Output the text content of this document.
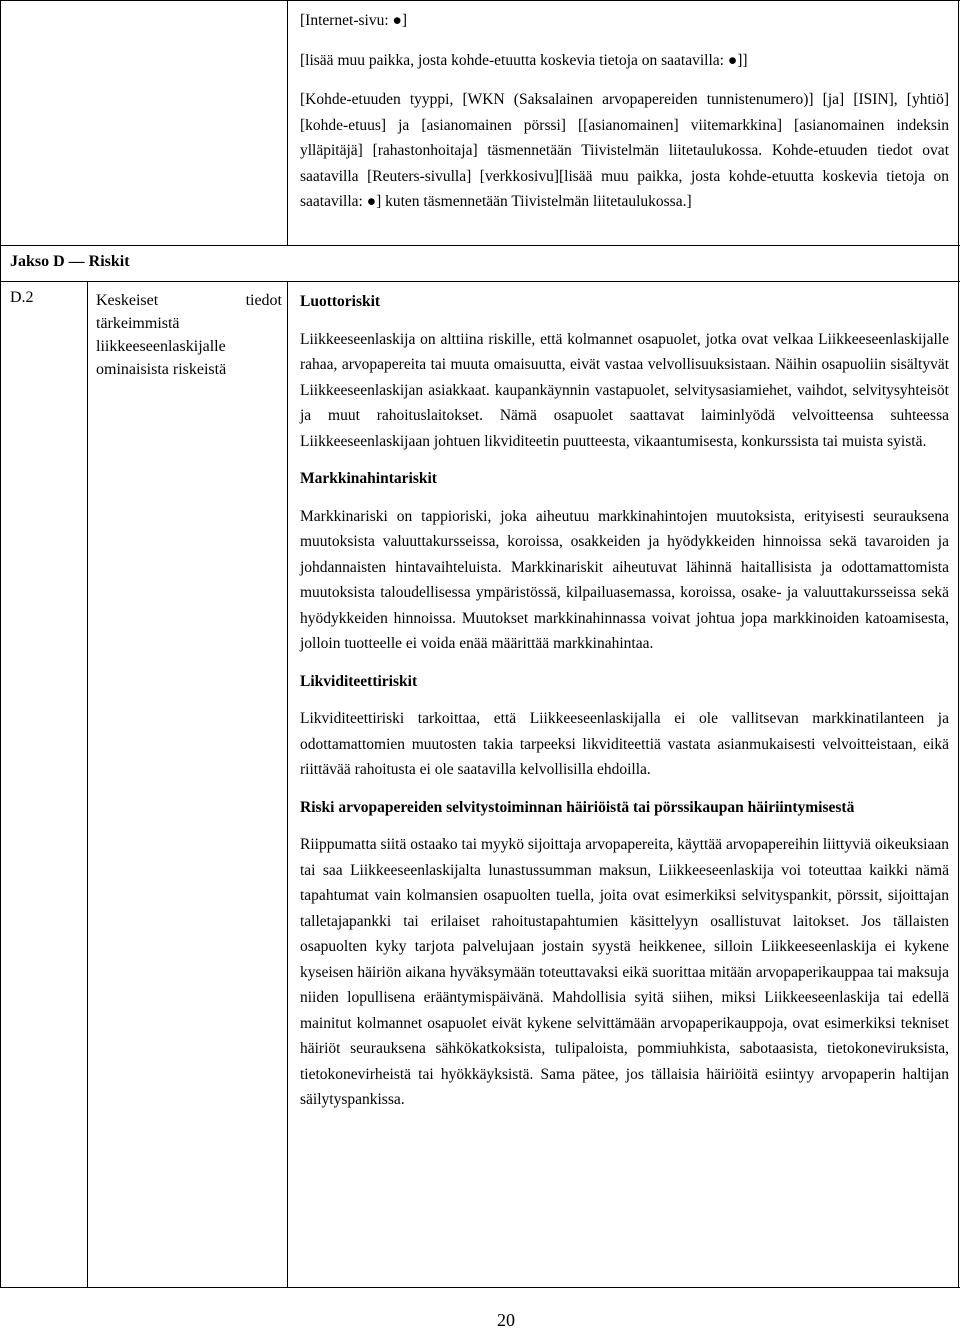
[Internet-sivu: ●]

[lisää muu paikka, josta kohde-etuutta koskevia tietoja on saatavilla: ●]]

[Kohde-etuuden tyyppi, [WKN (Saksalainen arvopapereiden tunnistenumero)] [ja] [ISIN], [yhtiö][kohde-etuus] ja [asianomainen pörssi] [[asianomainen] viitemarkkina] [asianomainen indeksin ylläpitäjä] [rahastonhoitaja] täsmennetään Tiivistelmän liitetaulukossa. Kohde-etuuden tiedot ovat saatavilla [Reuters-sivulla] [verkkosivu][lisää muu paikka, josta kohde-etuutta koskevia tietoja on saatavilla: ●] kuten täsmennetään Tiivistelmän liitetaulukossa.]

Jakso D — Riskit
D.2	Keskeiset	tiedot
tärkeimmistä liikkeeseenlaskijalle ominaisista riskeistä

Luottoriskit

Liikkeeseenlaskija on alttiina riskille, että kolmannet osapuolet, jotka ovat velkaa Liikkeeseenlaskijalle rahaa, arvopapereita tai muuta omaisuutta, eivät vastaa velvollisuuksistaan. Näihin osapuoliin sisältyvät Liikkeeseenlaskijan asiakkaat. kaupankäynnin vastapuolet, selvitysasiamiehet, vaihdot, selvitysyhteisöt ja muut rahoituslaitokset. Nämä osapuolet saattavat laiminlyödä velvoitteensa suhteessa Liikkeeseenlaskijaan johtuen likviditeetin puutteesta, vikaantumisesta, konkurssista tai muista syistä.

Markkinahintariskit

Markkinariski on tappioriski, joka aiheutuu markkinahintojen muutoksista, erityisesti seurauksena muutoksista valuuttakursseissa, koroissa, osakkeiden ja hyödykkeiden hinnoissa sekä tavaroiden ja johdannaisten hintavaihteluista. Markkinariskit aiheutuvat lähinnä haitallisista ja odottamattomista muutoksista taloudellisessa ympäristössä, kilpailuasemassa, koroissa, osake- ja valuuttakursseissa sekä hyödykkeiden hinnoissa. Muutokset markkinahinnassa voivat johtua jopa markkinoiden katoamisesta, jolloin tuotteelle ei voida enää määrittää markkinahintaa.

Likviditeettiriskit

Likviditeettiriski tarkoittaa, että Liikkeeseenlaskijalla ei ole vallitsevan markkinatilanteen ja odottamattomien muutosten takia tarpeeksi likviditeettiä vastata asianmukaisesti velvoitteistaan, eikä riittävää rahoitusta ei ole saatavilla kelvollisilla ehdoilla.

Riski arvopapereiden selvitystoiminnan häiriöistä tai pörssikaupan häiriintymisestä

Riippumatta siitä ostaako tai myykö sijoittaja arvopapereita, käyttää arvopapereihin liittyviä oikeuksiaan tai saa Liikkeeseenlaskijalta lunastussumman maksun, Liikkeeseenlaskija voi toteuttaa kaikki nämä tapahtumat vain kolmansien osapuolten tuella, joita ovat esimerkiksi selvityspankit, pörssit, sijoittajan talletajapankki tai erilaiset rahoitustapahtumien käsittelyyn osallistuvat laitokset. Jos tällaisten osapuolten kyky tarjota palvelujaan jostain syystä heikkenee, silloin Liikkeeseenlaskija ei kykene kyseisen häiriön aikana hyväksymään toteuttavaksi eikä suorittaa mitään arvopaperikauppaa tai maksuja niiden lopullisena erääntymispäivänä. Mahdollisia syitä siihen, miksi Liikkeeseenlaskija tai edellä mainitut kolmannet osapuolet eivät kykene selvittämään arvopaperikauppoja, ovat esimerkiksi tekniset häiriöt seurauksena sähkökatkoksista, tulipaloista, pommiuhkista, sabotaasista, tietokoneviruksista, tietokonevirheistä tai hyökkäyksistä. Sama pätee, jos tällaisia häiriöitä esiintyy arvopaperin haltijan säilytyspankissa.

20
